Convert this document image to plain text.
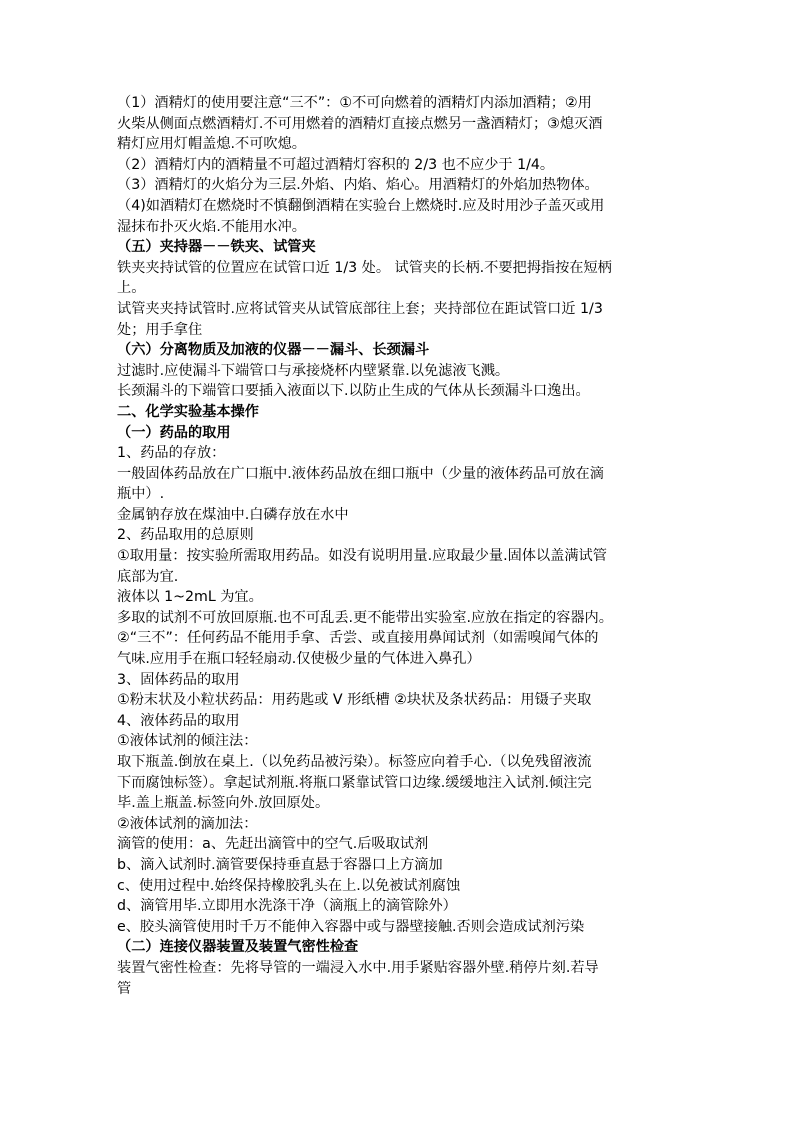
（1）酒精灯的使用要注意“三不”：①不可向燃着的酒精灯内添加酒精；②用
火柴从侧面点燃酒精灯.不可用燃着的酒精灯直接点燃另一盏酒精灯；③熄灭酒
精灯应用灯帽盖熄.不可吹熄。
（2）酒精灯内的酒精量不可超过酒精灯容积的 2/3 也不应少于 1/4。
（3）酒精灯的火焰分为三层.外焰、内焰、焰心。用酒精灯的外焰加热物体。
（4)如酒精灯在燃烧时不慎翻倒酒精在实验台上燃烧时.应及时用沙子盖灭或用
湿抹布扑灭火焰.不能用水冲。
（五）夹持器－－铁夹、试管夹
铁夹夹持试管的位置应在试管口近 1/3 处。 试管夹的长柄.不要把拇指按在短柄
上。
试管夹夹持试管时.应将试管夹从试管底部往上套；夹持部位在距试管口近 1/3
处；用手拿住
（六）分离物质及加液的仪器－－漏斗、长颈漏斗
过滤时.应使漏斗下端管口与承接烧杯内壁紧靠.以免滤液飞溅。
长颈漏斗的下端管口要插入液面以下.以防止生成的气体从长颈漏斗口逸出。
二、化学实验基本操作
（一）药品的取用
1、药品的存放：
一般固体药品放在广口瓶中.液体药品放在细口瓶中（少量的液体药品可放在滴
瓶中）.
金属钠存放在煤油中.白磷存放在水中
2、药品取用的总原则
①取用量：按实验所需取用药品。如没有说明用量.应取最少量.固体以盖满试管
底部为宜.
液体以 1~2mL 为宜。
多取的试剂不可放回原瓶.也不可乱丢.更不能带出实验室.应放在指定的容器内。
②“三不”：任何药品不能用手拿、舌尝、或直接用鼻闻试剂（如需嗅闻气体的
气味.应用手在瓶口轻轻扇动.仅使极少量的气体进入鼻孔）
3、固体药品的取用
①粉末状及小粒状药品：用药匙或 V 形纸槽 ②块状及条状药品：用镊子夹取
4、液体药品的取用
①液体试剂的倾注法：
取下瓶盖.倒放在桌上.（以免药品被污染）。标签应向着手心.（以免残留液流
下而腐蚀标签）。拿起试剂瓶.将瓶口紧靠试管口边缘.缓缓地注入试剂.倾注完
毕.盖上瓶盖.标签向外.放回原处。
②液体试剂的滴加法：
滴管的使用：a、先赶出滴管中的空气.后吸取试剂
b、滴入试剂时.滴管要保持垂直悬于容器口上方滴加
c、使用过程中.始终保持橡胶乳头在上.以免被试剂腐蚀
d、滴管用毕.立即用水洗涤干净（滴瓶上的滴管除外）
e、胶头滴管使用时千万不能伸入容器中或与器壁接触.否则会造成试剂污染
（二）连接仪器装置及装置气密性检查
装置气密性检查：先将导管的一端浸入水中.用手紧贴容器外壁.稍停片刻.若导
管
